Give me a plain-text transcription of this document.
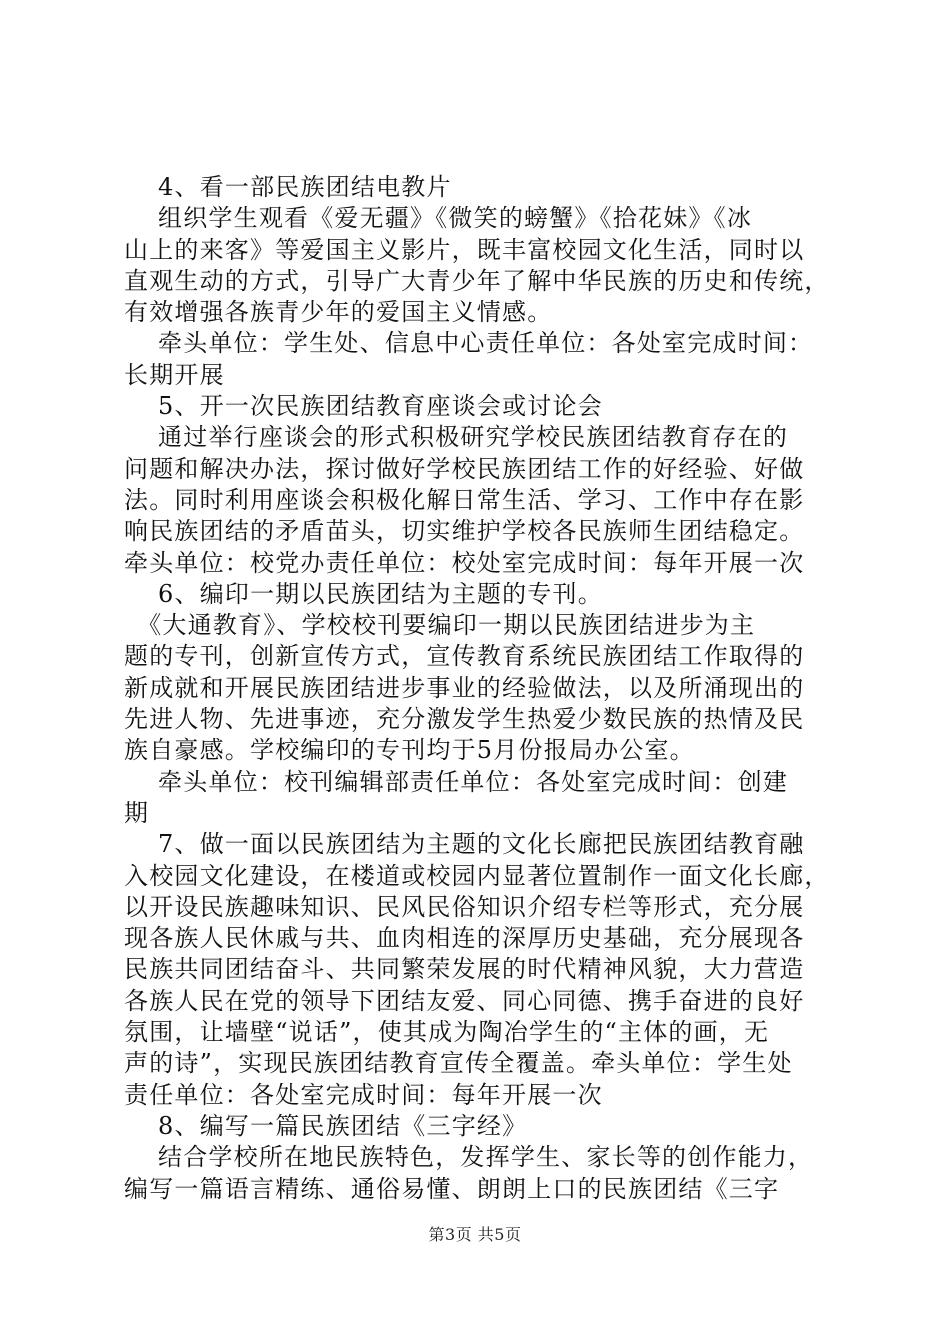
　 4、看一部民族团结电教片
　 组织学生观看《爱无疆》《微笑的螃蟹》《拾花妹》《冰
山上的来客》等爱国主义影片，既丰富校园文化生活，同时以
直观生动的方式，引导广大青少年了解中华民族的历史和传统，
有效增强各族青少年的爱国主义情感。
　 牵头单位：学生处、信息中心责任单位：各处室完成时间：
长期开展
　 5、开一次民族团结教育座谈会或讨论会
　 通过举行座谈会的形式积极研究学校民族团结教育存在的
问题和解决办法，探讨做好学校民族团结工作的好经验、好做
法。同时利用座谈会积极化解日常生活、学习、工作中存在影
响民族团结的矛盾苗头，切实维护学校各民族师生团结稳定。
牵头单位：校党办责任单位：校处室完成时间：每年开展一次
　 6、编印一期以民族团结为主题的专刊。
　《大通教育》、学校校刊要编印一期以民族团结进步为主
题的专刊，创新宣传方式，宣传教育系统民族团结工作取得的
新成就和开展民族团结进步事业的经验做法，以及所涌现出的
先进人物、先进事迹，充分激发学生热爱少数民族的热情及民
族自豪感。学校编印的专刊均于5月份报局办公室。
　 牵头单位：校刊编辑部责任单位：各处室完成时间：创建
期
　 7、做一面以民族团结为主题的文化长廊把民族团结教育融
入校园文化建设，在楼道或校园内显著位置制作一面文化长廊，
以开设民族趣味知识、民风民俗知识介绍专栏等形式，充分展
现各族人民休戚与共、血肉相连的深厚历史基础，充分展现各
民族共同团结奋斗、共同繁荣发展的时代精神风貌，大力营造
各族人民在党的领导下团结友爱、同心同德、携手奋进的良好
氛围，让墙壁“说话”，使其成为陶冶学生的“主体的画，无
声的诗”，实现民族团结教育宣传全覆盖。牵头单位：学生处
责任单位：各处室完成时间：每年开展一次
　 8、编写一篇民族团结《三字经》
　 结合学校所在地民族特色，发挥学生、家长等的创作能力，
编写一篇语言精练、通俗易懂、朗朗上口的民族团结《三字
第3页 共5页
